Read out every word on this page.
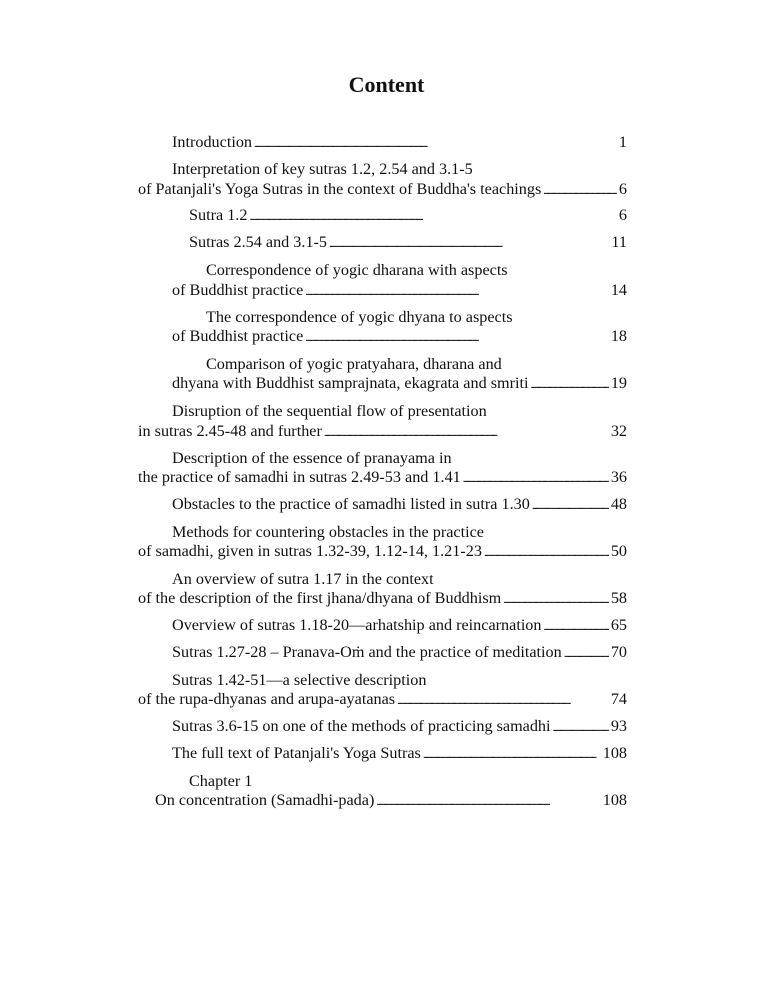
Content
Introduction . . .	1
Interpretation of key sutras 1.2, 2.54 and 3.1-5
of Patanjali's Yoga Sutras in the context of Buddha's teachings . . .	6
Sutra 1.2 . . .	6
Sutras 2.54 and 3.1-5 . . .	11
Correspondence of yogic dharana with aspects
of Buddhist practice . . .	14
The correspondence of yogic dhyana to aspects
of Buddhist practice . . .	18
Comparison of yogic pratyahara, dharana and
dhyana with Buddhist samprajnata, ekagrata and smriti . . .	19
Disruption of the sequential flow of presentation
in sutras 2.45-48 and further . . .	32
Description of the essence of pranayama in
the practice of samadhi in sutras 2.49-53 and 1.41 . . .	36
Obstacles to the practice of samadhi listed in sutra 1.30 . . .	48
Methods for countering obstacles in the practice
of samadhi, given in sutras 1.32-39, 1.12-14, 1.21-23 . . .	50
An overview of sutra 1.17 in the context
of the description of the first jhana/dhyana of Buddhism . . .	58
Overview of sutras 1.18-20—arhatship and reincarnation . . .	65
Sutras 1.27-28 – Pranava-Oṁ and the practice of meditation . . .	70
Sutras 1.42-51—a selective description
of the rupa-dhyanas and arupa-ayatanas . . .	74
Sutras 3.6-15 on one of the methods of practicing samadhi . . .	93
The full text of Patanjali's Yoga Sutras . . .	108
Chapter 1
On concentration (Samadhi-pada) . . .	108
